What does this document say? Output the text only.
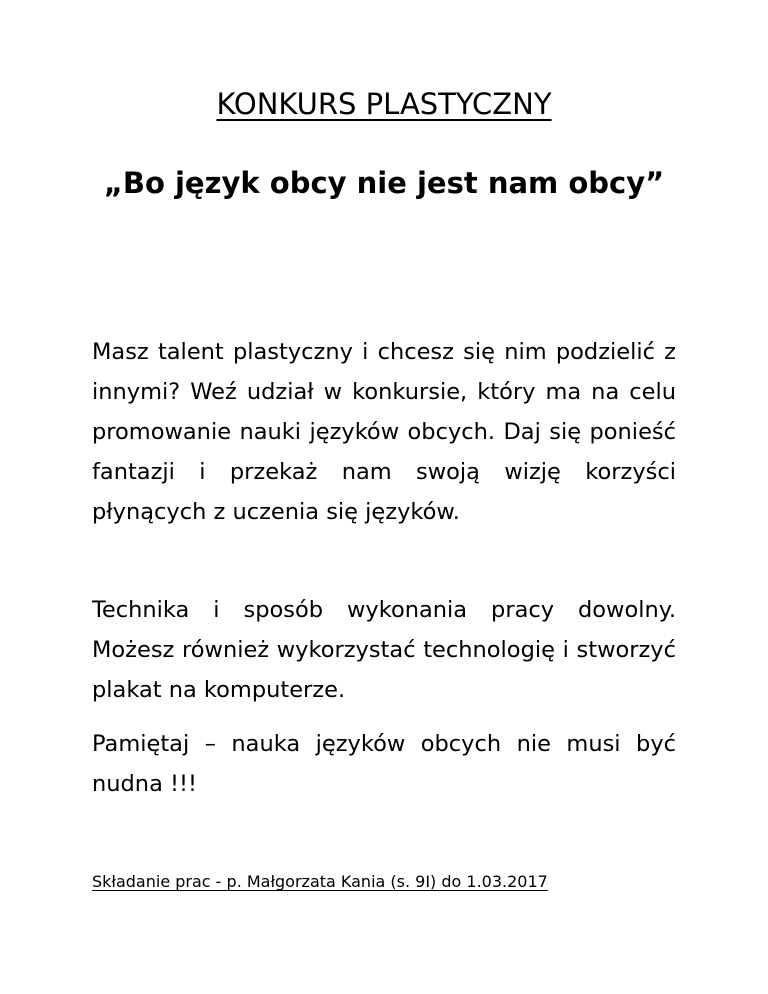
KONKURS PLASTYCZNY
„Bo język obcy nie jest nam obcy”

Masz talent plastyczny i chcesz się nim podzielić z innymi? Weź udział w konkursie, który ma na celu promowanie nauki języków obcych. Daj się ponieść fantazji i przekaż nam swoją wizję korzyści płynących z uczenia się języków.

Technika i sposób wykonania pracy dowolny. Możesz również wykorzystać technologię i stworzyć plakat na komputerze.

Pamiętaj – nauka języków obcych nie musi być nudna !!!

Składanie prac - p. Małgorzata Kania (s. 9I) do 1.03.2017
